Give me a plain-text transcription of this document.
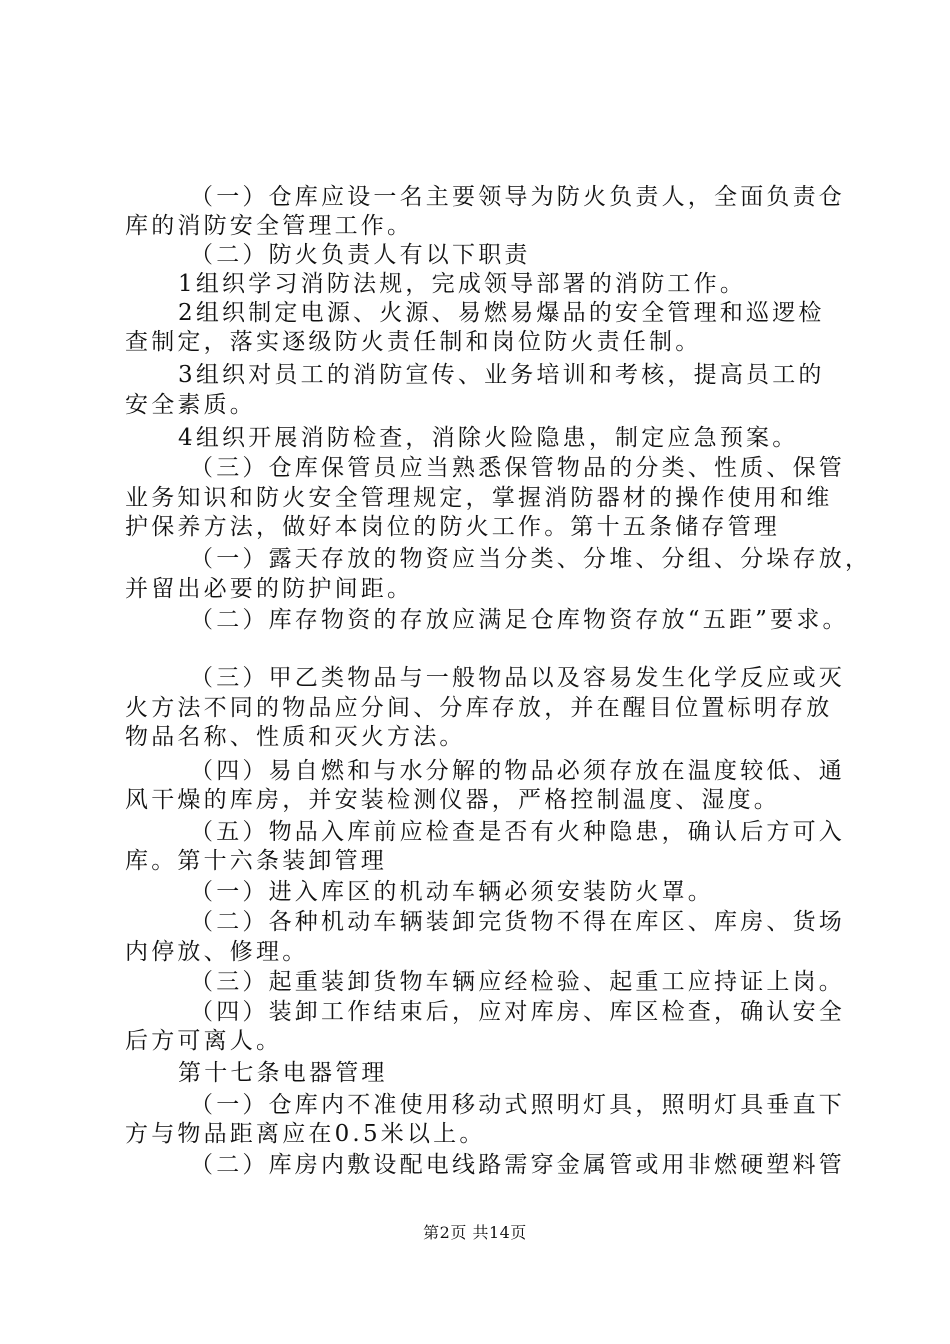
（一）仓库应设一名主要领导为防火负责人，全面负责仓
库的消防安全管理工作。
（二）防火负责人有以下职责
1组织学习消防法规，完成领导部署的消防工作。
2组织制定电源、火源、易燃易爆品的安全管理和巡逻检
查制定，落实逐级防火责任制和岗位防火责任制。
3组织对员工的消防宣传、业务培训和考核，提高员工的
安全素质。
4组织开展消防检查，消除火险隐患，制定应急预案。
（三）仓库保管员应当熟悉保管物品的分类、性质、保管
业务知识和防火安全管理规定，掌握消防器材的操作使用和维
护保养方法，做好本岗位的防火工作。第十五条储存管理
（一）露天存放的物资应当分类、分堆、分组、分垛存放，
并留出必要的防护间距。
（二）库存物资的存放应满足仓库物资存放“五距”要求。
（三）甲乙类物品与一般物品以及容易发生化学反应或灭
火方法不同的物品应分间、分库存放，并在醒目位置标明存放
物品名称、性质和灭火方法。
（四）易自燃和与水分解的物品必须存放在温度较低、通
风干燥的库房，并安装检测仪器，严格控制温度、湿度。
（五）物品入库前应检查是否有火种隐患，确认后方可入
库。第十六条装卸管理
（一）进入库区的机动车辆必须安装防火罩。
（二）各种机动车辆装卸完货物不得在库区、库房、货场
内停放、修理。
（三）起重装卸货物车辆应经检验、起重工应持证上岗。
（四）装卸工作结束后，应对库房、库区检查，确认安全
后方可离人。
第十七条电器管理
（一）仓库内不准使用移动式照明灯具，照明灯具垂直下
方与物品距离应在0.5米以上。
（二）库房内敷设配电线路需穿金属管或用非燃硬塑料管
第2页 共14页
